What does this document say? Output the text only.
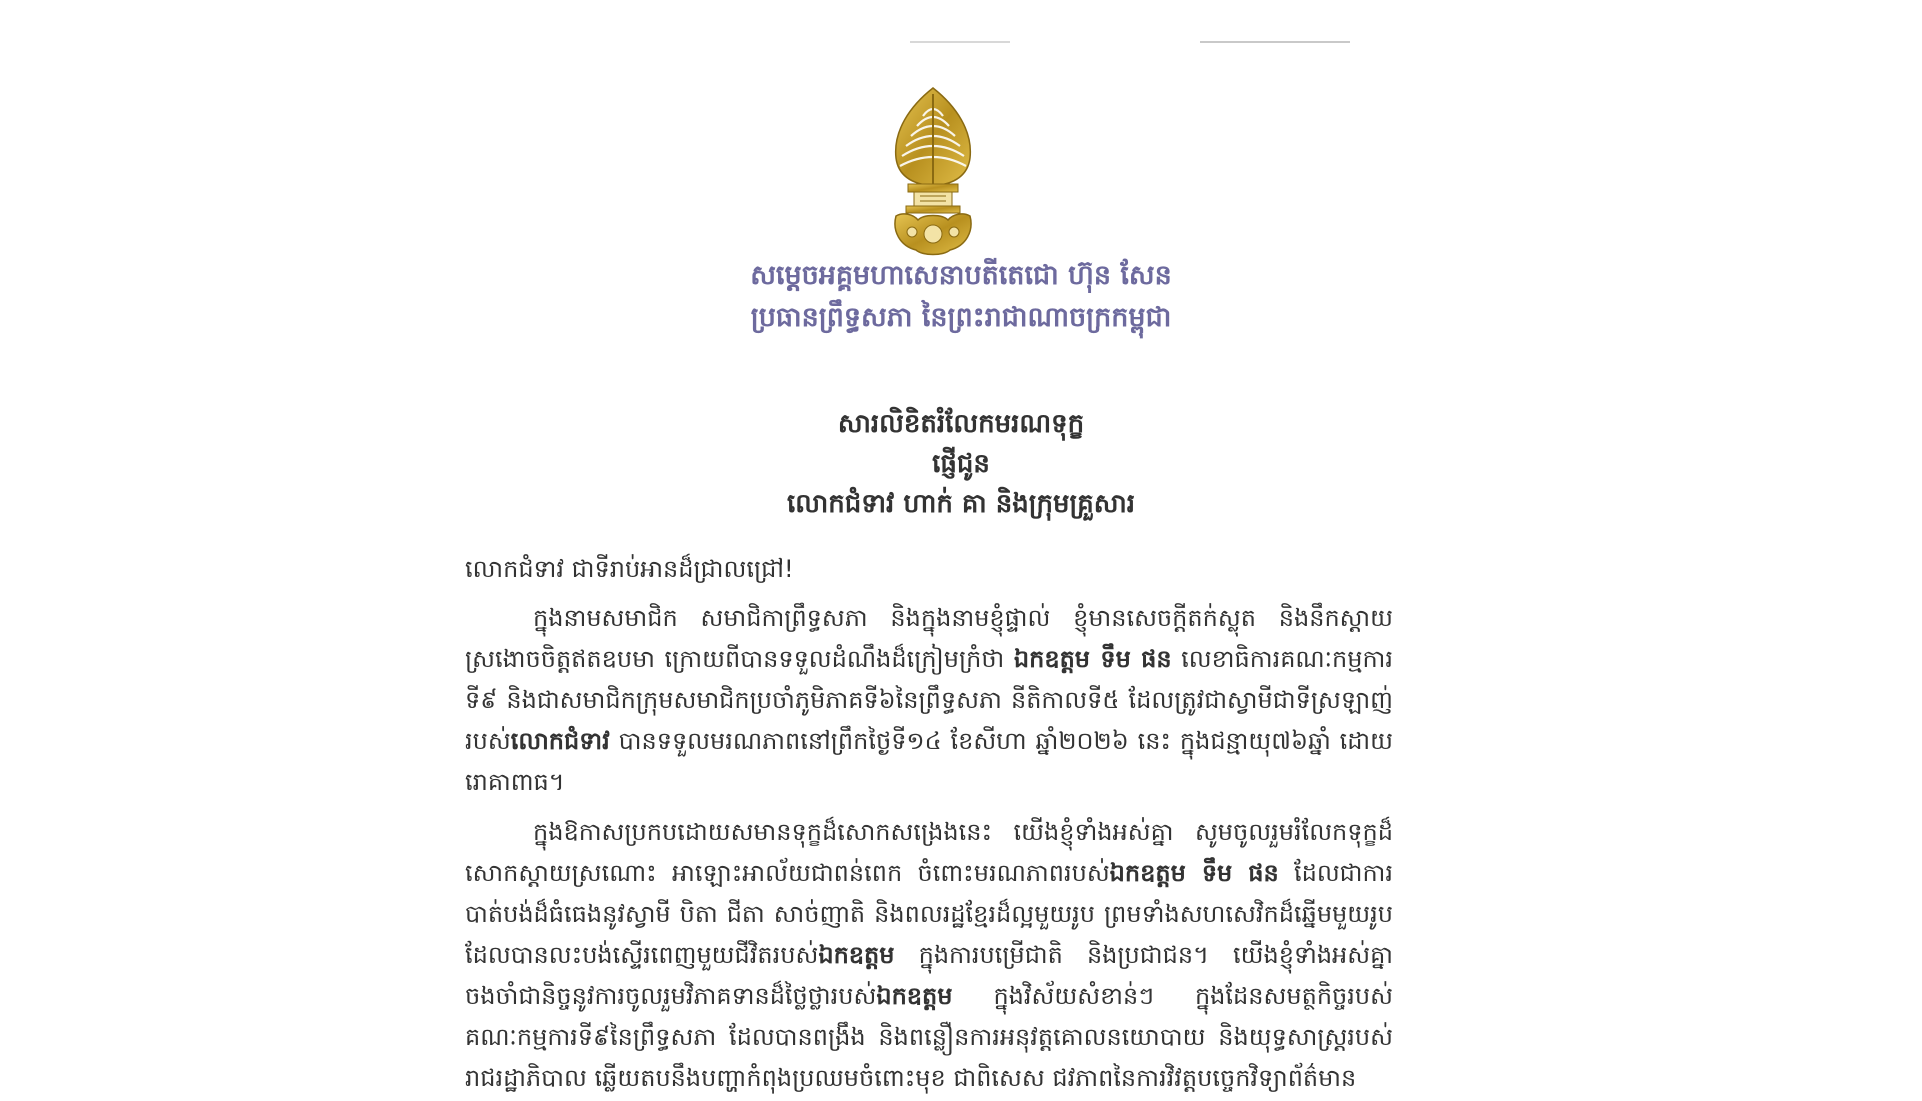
សម្តេចអគ្គមហាសេនាបតីតេជោ ហ៊ុន សែន
ប្រធានព្រឹទ្ធសភា នៃព្រះរាជាណាចក្រកម្ពុជា
សារលិខិតរំលែកមរណទុក្ខ
ផ្ញើជូន
លោកជំទាវ ហាក់ គា និងក្រុមគ្រួសារ
លោកជំទាវ ជាទីរាប់អានដ៏ជ្រាលជ្រៅ!
ក្នុងនាមសមាជិក សមាជិកាព្រឹទ្ធសភា និងក្នុងនាមខ្ញុំផ្ទាល់ ខ្ញុំមានសេចក្តីតក់ស្លុត និងនឹកស្តាយស្រងោចចិត្តឥតឧបមា ក្រោយពីបានទទួលដំណឹងដ៏ក្រៀមក្រំថា ឯកឧត្តម ទឹម ផន លេខាធិការគណៈកម្មការទី៩ និងជាសមាជិកក្រុមសមាជិកប្រចាំភូមិភាគទី៦នៃព្រឹទ្ធសភា នីតិកាលទី៥ ដែលត្រូវជាស្វាមីជាទីស្រឡាញ់របស់លោកជំទាវ បានទទួលមរណភាពនៅព្រឹកថ្ងៃទី១៤ ខែសីហា ឆ្នាំ២០២៦ នេះ ក្នុងជន្មាយុ៧៦ឆ្នាំ ដោយរោគាពាធ។
ក្នុងឱកាសប្រកបដោយសមានទុក្ខដ៏សោកសង្រេងនេះ យើងខ្ញុំទាំងអស់គ្នា សូមចូលរួមរំលែកទុក្ខដ៏សោកស្តាយស្រណោះ អាឡោះអាល័យជាពន់ពេក ចំពោះមរណភាពរបស់ឯកឧត្តម ទឹម ផន ដែលជាការបាត់បង់ដ៏ធំធេងនូវស្វាមី បិតា ជីតា សាច់ញាតិ និងពលរដ្ឋខ្មែរដ៏ល្អមួយរូប ព្រមទាំងសហសេវិកដ៏ឆ្នើមមួយរូប ដែលបានលះបង់ស្ទើរពេញមួយជីវិតរបស់ឯកឧត្តម ក្នុងការបម្រើជាតិ និងប្រជាជន។ យើងខ្ញុំទាំងអស់គ្នាចងចាំជានិច្ចនូវការចូលរួមវិភាគទានដ៏ថ្លៃថ្លារបស់ឯកឧត្តម ក្នុងវិស័យសំខាន់ៗ ក្នុងដែនសមត្ថកិច្ចរបស់គណៈកម្មការទី៩នៃព្រឹទ្ធសភា ដែលបានពង្រឹង និងពន្លឿនការអនុវត្តគោលនយោបាយ និងយុទ្ធសាស្ត្ររបស់រាជរដ្ឋាភិបាល ឆ្លើយតបនឹងបញ្ហាកំពុងប្រឈមចំពោះមុខ ជាពិសេស ជវភាពនៃការវិវត្តបច្ចេកវិទ្យាព័ត៌មាន
